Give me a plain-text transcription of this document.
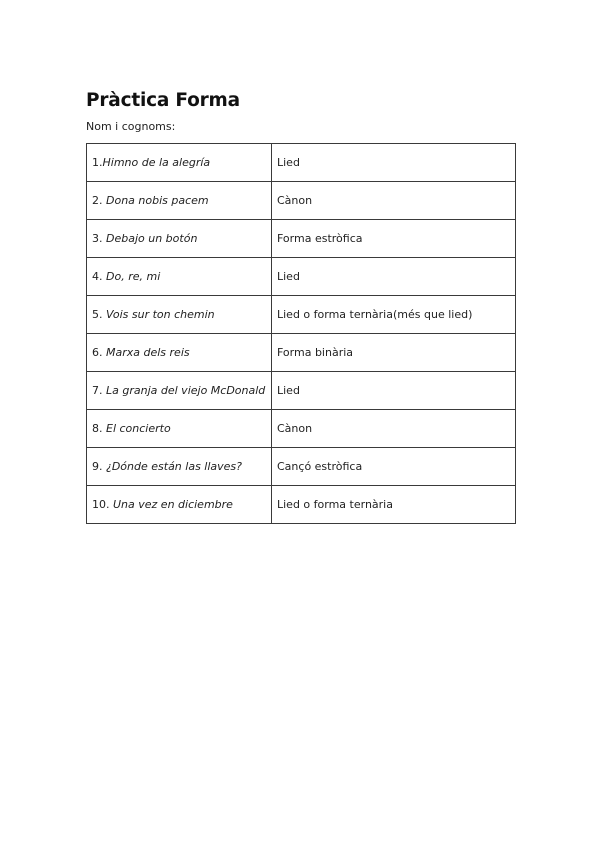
Pràctica Forma
Nom i cognoms:
1.Himno de la alegría	Lied
2. Dona nobis pacem	Cànon
3. Debajo un botón	Forma estròfica
4. Do, re, mi	Lied
5. Vois sur ton chemin	Lied o forma ternària(més que lied)
6. Marxa dels reis	Forma binària
7. La granja del viejo McDonald	Lied
8. El concierto	Cànon
9. ¿Dónde están las llaves?	Cançó estròfica
10. Una vez en diciembre	Lied o forma ternària
